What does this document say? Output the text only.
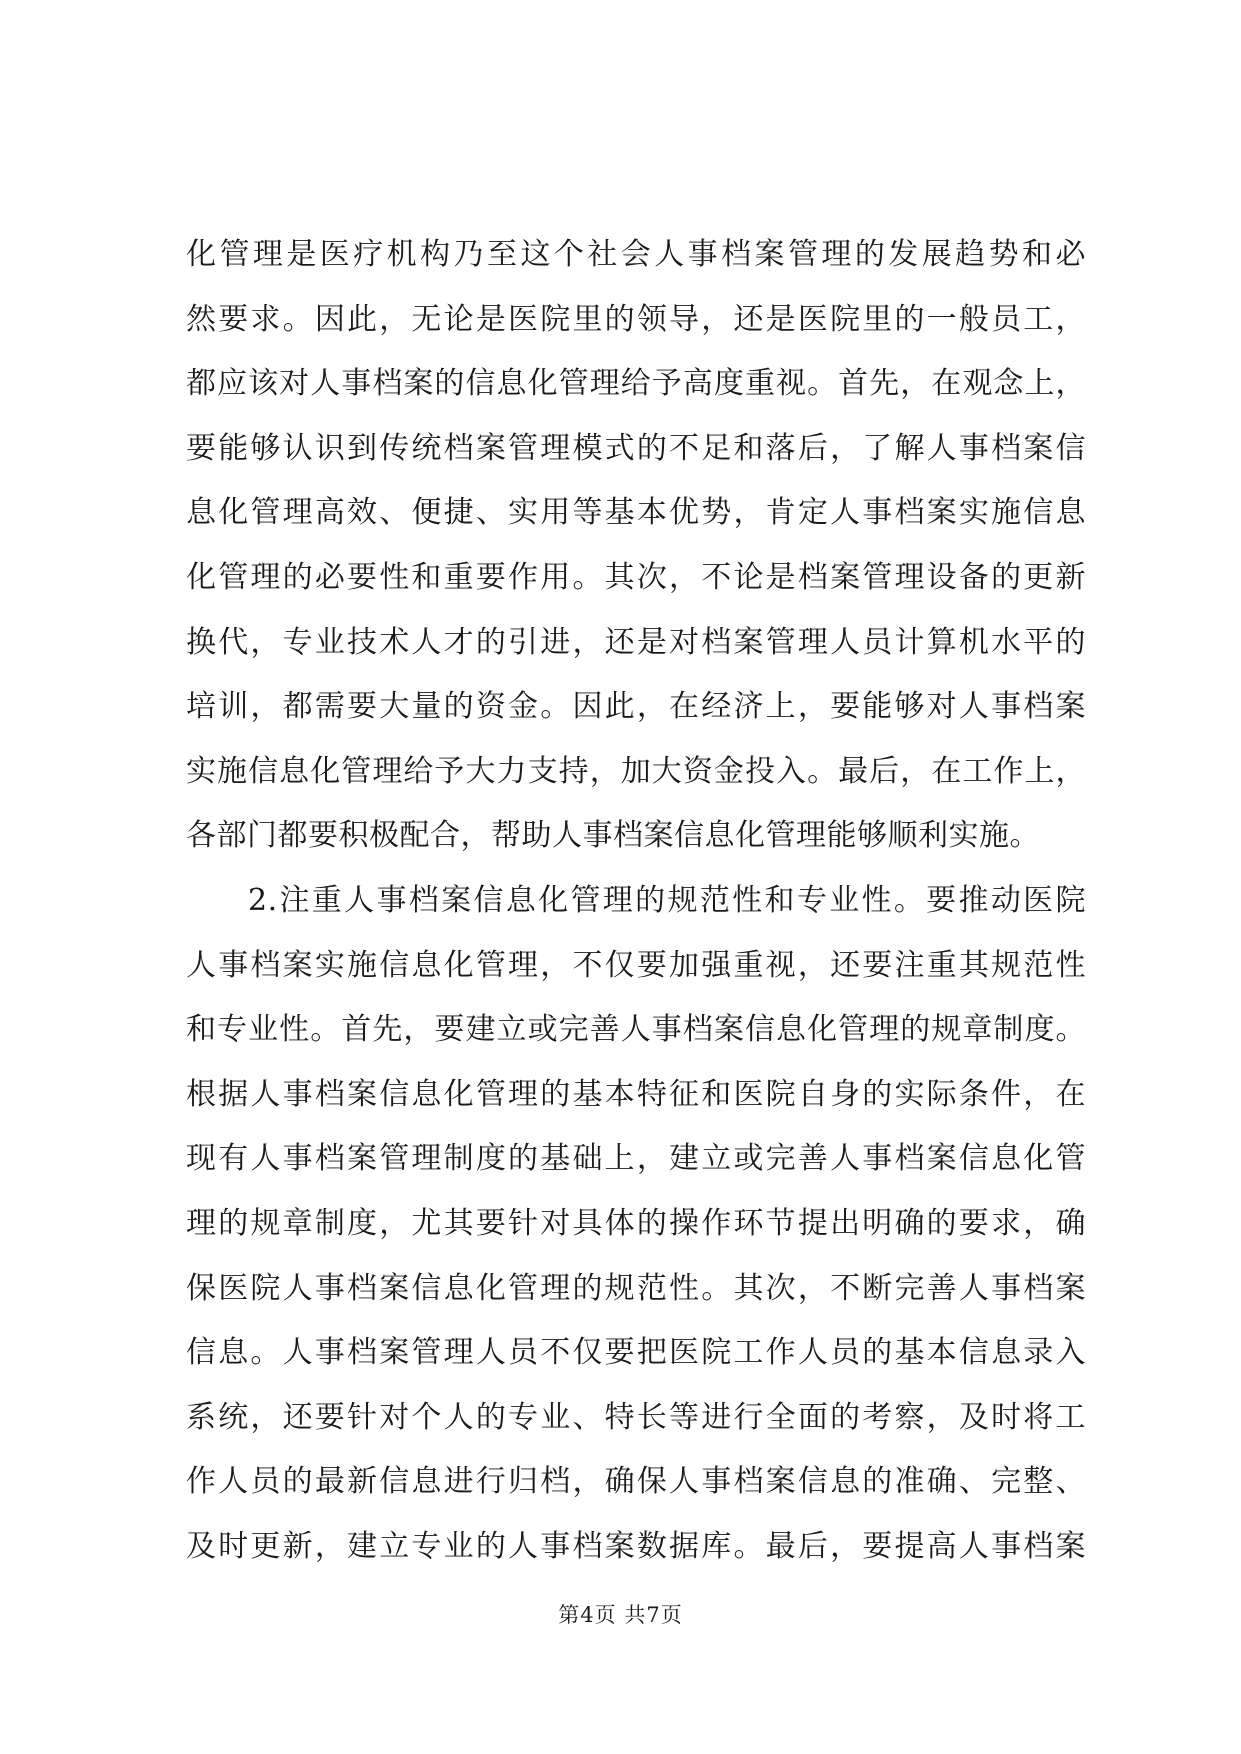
化管理是医疗机构乃至这个社会人事档案管理的发展趋势和必
然要求。因此，无论是医院里的领导，还是医院里的一般员工，
都应该对人事档案的信息化管理给予高度重视。首先，在观念上，
要能够认识到传统档案管理模式的不足和落后，了解人事档案信
息化管理高效、便捷、实用等基本优势，肯定人事档案实施信息
化管理的必要性和重要作用。其次，不论是档案管理设备的更新
换代，专业技术人才的引进，还是对档案管理人员计算机水平的
培训，都需要大量的资金。因此，在经济上，要能够对人事档案
实施信息化管理给予大力支持，加大资金投入。最后，在工作上，
各部门都要积极配合，帮助人事档案信息化管理能够顺利实施。
2.注重人事档案信息化管理的规范性和专业性。要推动医院
人事档案实施信息化管理，不仅要加强重视，还要注重其规范性
和专业性。首先，要建立或完善人事档案信息化管理的规章制度。
根据人事档案信息化管理的基本特征和医院自身的实际条件，在
现有人事档案管理制度的基础上，建立或完善人事档案信息化管
理的规章制度，尤其要针对具体的操作环节提出明确的要求，确
保医院人事档案信息化管理的规范性。其次，不断完善人事档案
信息。人事档案管理人员不仅要把医院工作人员的基本信息录入
系统，还要针对个人的专业、特长等进行全面的考察，及时将工
作人员的最新信息进行归档，确保人事档案信息的准确、完整、
及时更新，建立专业的人事档案数据库。最后，要提高人事档案
第4页 共7页
